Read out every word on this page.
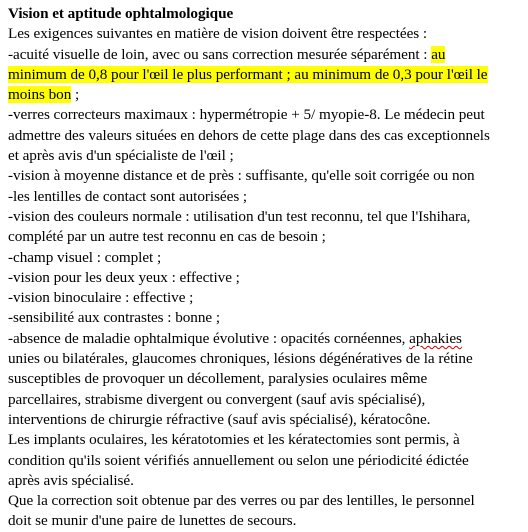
Vision et aptitude ophtalmologique
Les exigences suivantes en matière de vision doivent être respectées :
-acuité visuelle de loin, avec ou sans correction mesurée séparément : au
minimum de 0,8 pour l'œil le plus performant ; au minimum de 0,3 pour l'œil le
moins bon ;
-verres correcteurs maximaux : hypermétropie + 5/ myopie-8. Le médecin peut
admettre des valeurs situées en dehors de cette plage dans des cas exceptionnels
et après avis d'un spécialiste de l'œil ;
-vision à moyenne distance et de près : suffisante, qu'elle soit corrigée ou non
-les lentilles de contact sont autorisées ;
-vision des couleurs normale : utilisation d'un test reconnu, tel que l'Ishihara,
complété par un autre test reconnu en cas de besoin ;
-champ visuel : complet ;
-vision pour les deux yeux : effective ;
-vision binoculaire : effective ;
-sensibilité aux contrastes : bonne ;
-absence de maladie ophtalmique évolutive : opacités cornéennes, aphakies
unies ou bilatérales, glaucomes chroniques, lésions dégénératives de la rétine
susceptibles de provoquer un décollement, paralysies oculaires même
parcellaires, strabisme divergent ou convergent (sauf avis spécialisé),
interventions de chirurgie réfractive (sauf avis spécialisé), kératocône.
Les implants oculaires, les kératotomies et les kératectomies sont permis, à
condition qu'ils soient vérifiés annuellement ou selon une périodicité édictée
après avis spécialisé.
Que la correction soit obtenue par des verres ou par des lentilles, le personnel
doit se munir d'une paire de lunettes de secours.
